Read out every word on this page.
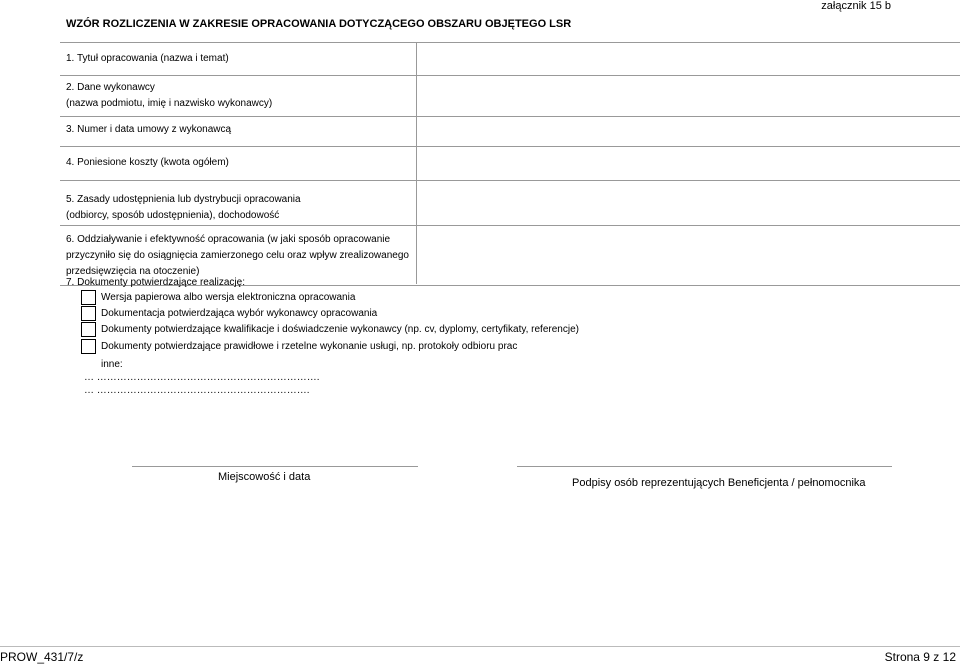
załącznik 15 b
WZÓR ROZLICZENIA W ZAKRESIE OPRACOWANIA DOTYCZĄCEGO OBSZARU OBJĘTEGO LSR
1. Tytuł opracowania (nazwa i temat)
2. Dane wykonawcy
(nazwa podmiotu, imię i nazwisko wykonawcy)
3. Numer i data umowy z wykonawcą
4. Poniesione koszty (kwota ogółem)
5. Zasady udostępnienia lub dystrybucji opracowania
(odbiorcy, sposób udostępnienia), dochodowość
6. Oddziaływanie i efektywność opracowania (w jaki sposób opracowanie
przyczyniło się do osiągnięcia zamierzonego celu oraz wpływ zrealizowanego
przedsięwzięcia na otoczenie)
7. Dokumenty potwierdzające realizację:
Wersja papierowa albo wersja elektroniczna opracowania
Dokumentacja potwierdzająca wybór wykonawcy opracowania
Dokumenty potwierdzające kwalifikacje i doświadczenie wykonawcy (np. cv, dyplomy, certyfikaty, referencje)
Dokumenty potwierdzające prawidłowe i rzetelne wykonanie usługi, np. protokoły odbioru prac
inne:
… ………………………………………………………….
… ……………………………………………………….
Miejscowość i data	Podpisy osób reprezentujących Beneficjenta / pełnomocnika
PROW_431/7/z	Strona 9 z 12
